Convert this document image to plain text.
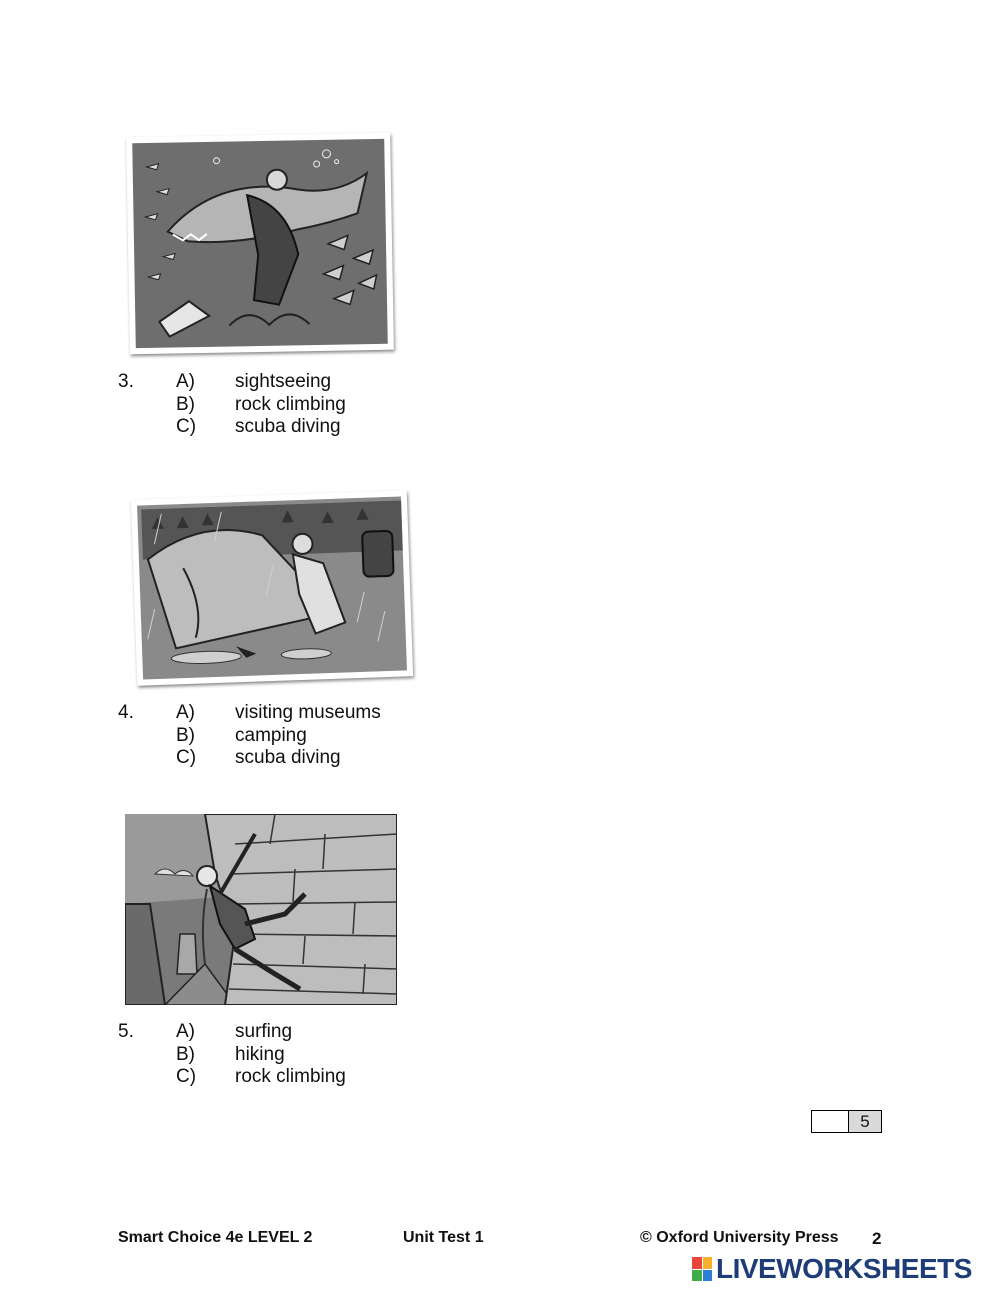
3. A) sightseeing
B) rock climbing
C) scuba diving
4. A) visiting museums
B) camping
C) scuba diving
5. A) surfing
B) hiking
C) rock climbing
5
Smart Choice 4e LEVEL 2	Unit Test 1	© Oxford University Press 2
LIVEWORKSHEETS
